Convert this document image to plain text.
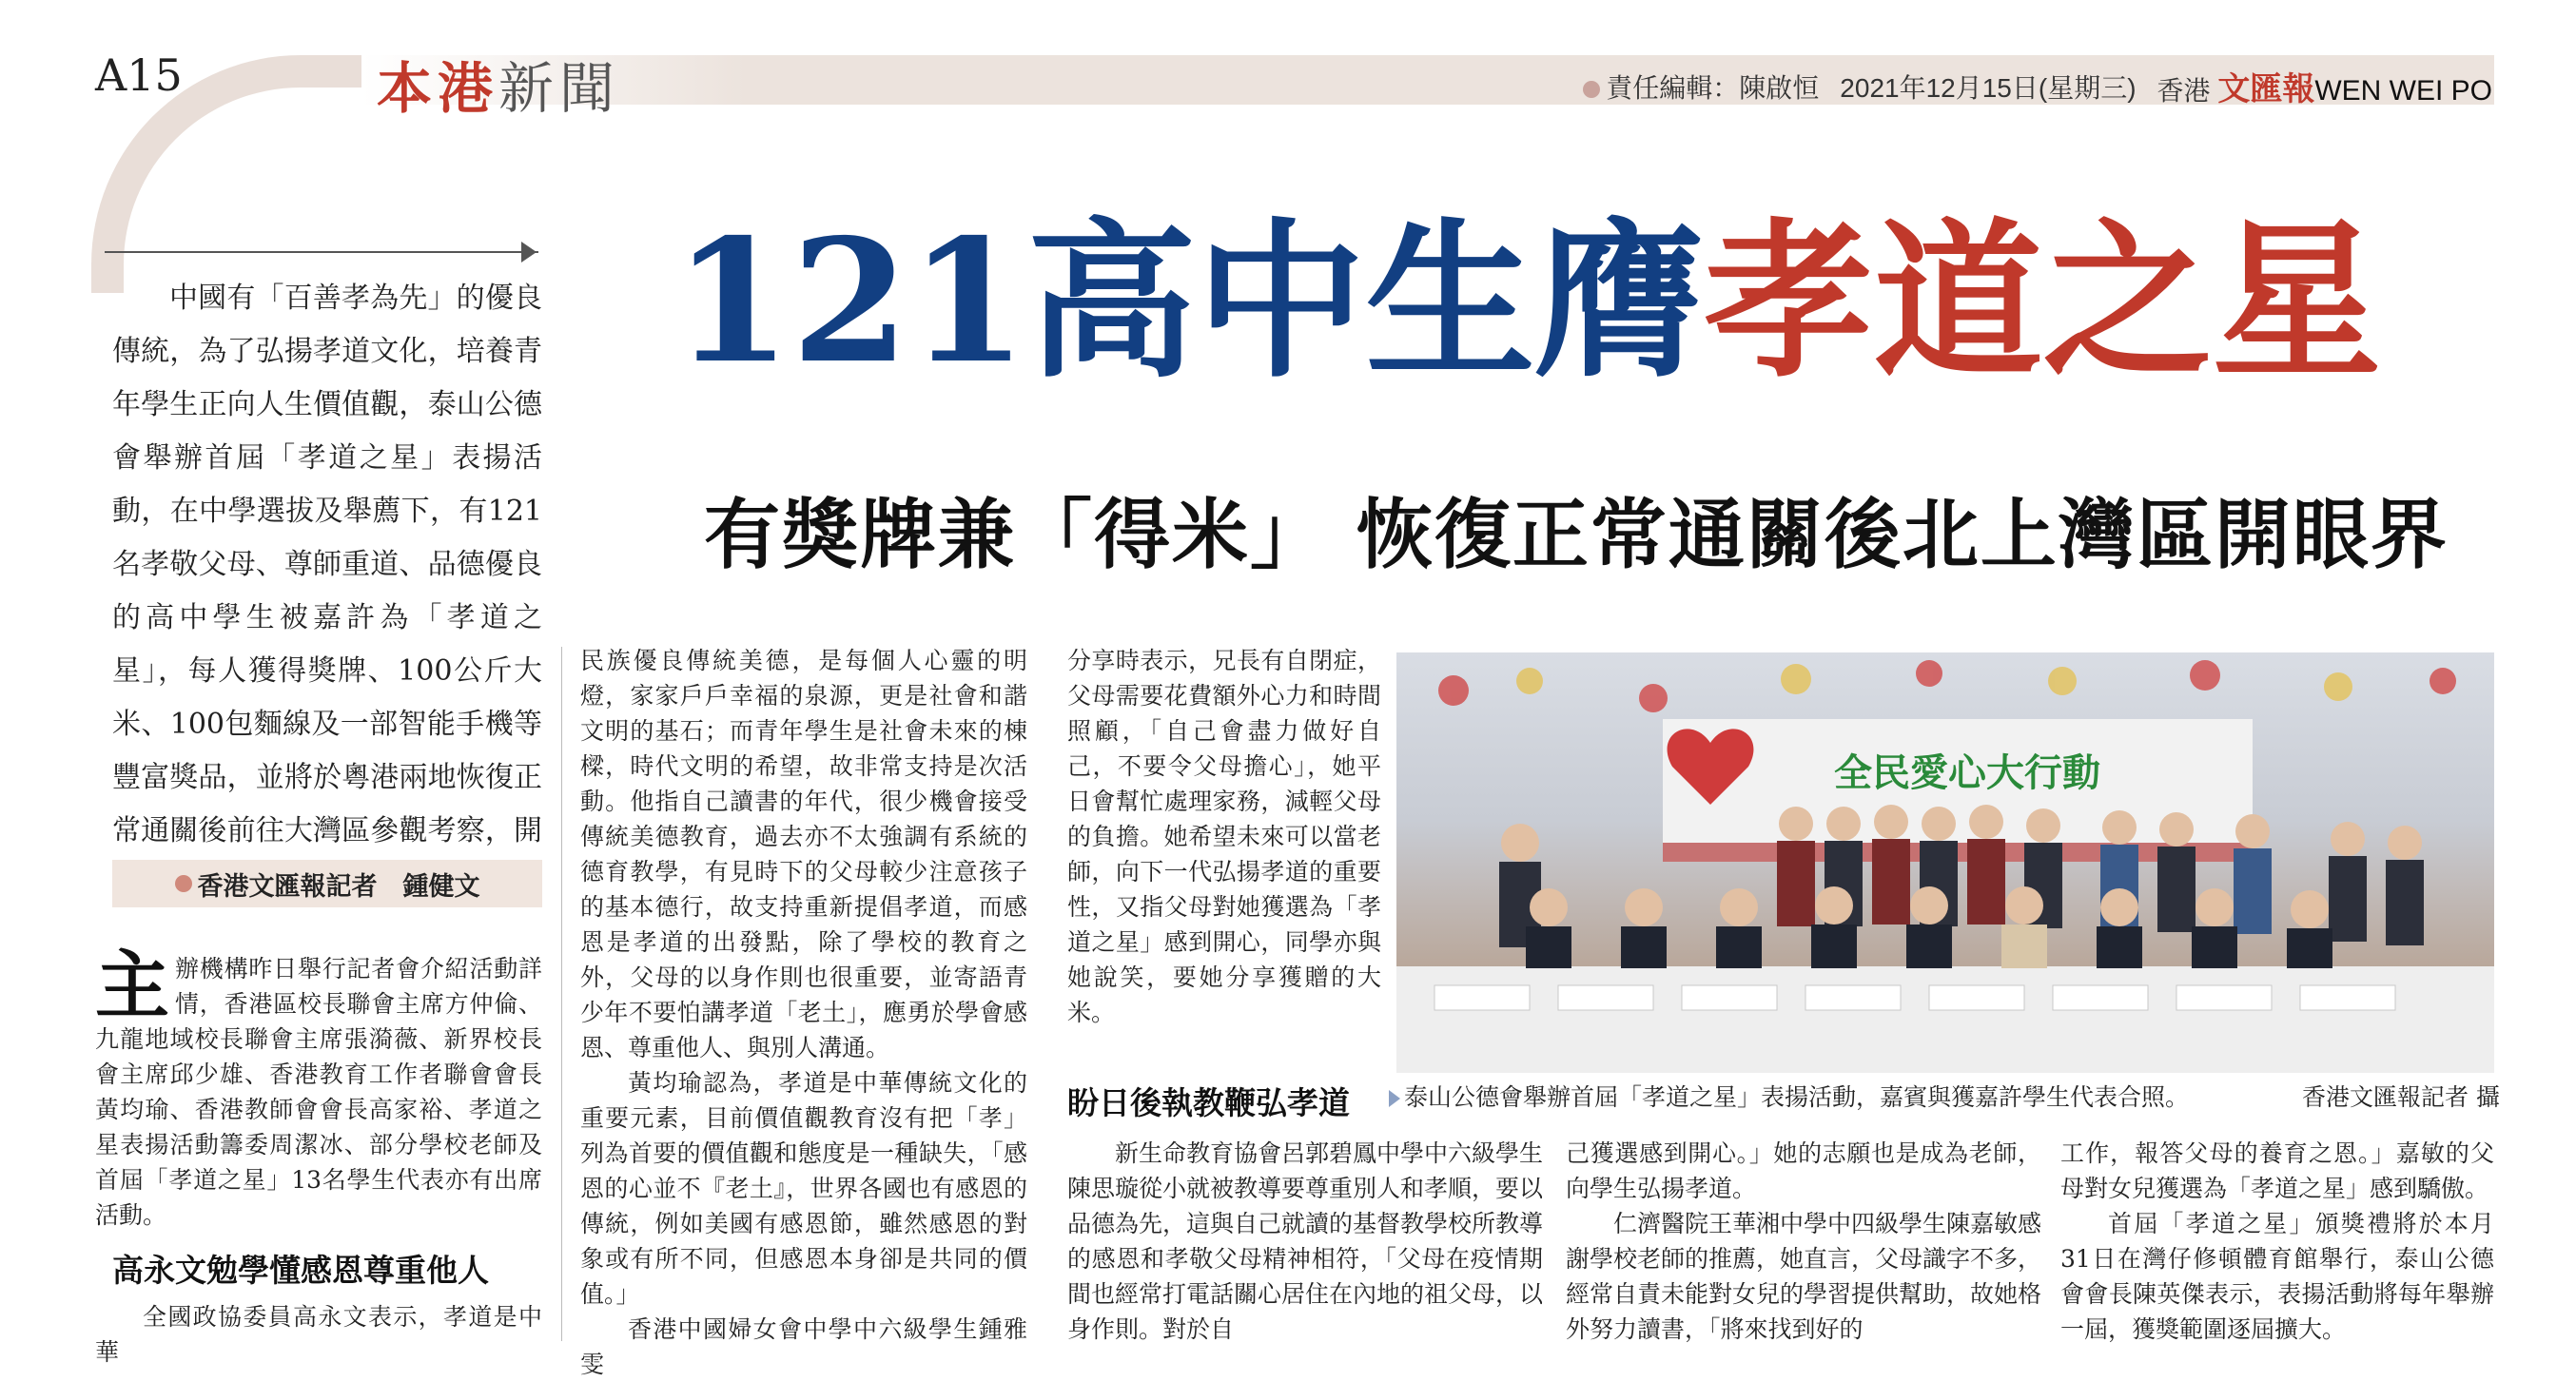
A15	本港新聞	責任編輯：陳啟恒 2021年12月15日(星期三) 香港 文匯報WEN WEI PO
121高中生膺孝道之星
有獎牌兼「得米」 恢復正常通關後北上灣區開眼界
中國有「百善孝為先」的優良傳統，為了弘揚孝道文化，培養青年學生正向人生價值觀，泰山公德會舉辦首屆「孝道之星」表揚活動，在中學選拔及舉薦下，有121名孝敬父母、尊師重道、品德優良的高中學生被嘉許為「孝道之星」，每人獲得獎牌、100公斤大米、100包麵線及一部智能手機等豐富獎品，並將於粵港兩地恢復正常通關後前往大灣區參觀考察，開
香港文匯報記者　鍾健文

主辦機構昨日舉行記者會介紹活動詳情，香港區校長聯會主席方仲倫、九龍地域校長聯會主席張漪薇、新界校長會主席邱少雄、香港教育工作者聯會會長黃均瑜、香港教師會會長高家裕、孝道之星表揚活動籌委周潔冰、部分學校老師及首屆「孝道之星」13名學生代表亦有出席活動。

高永文勉學懂感恩尊重他人

全國政協委員高永文表示，孝道是中華

民族優良傳統美德，是每個人心靈的明燈，家家戶戶幸福的泉源，更是社會和諧文明的基石；而青年學生是社會未來的棟樑，時代文明的希望，故非常支持是次活動。他指自己讀書的年代，很少機會接受傳統美德教育，過去亦不太強調有系統的德育教學，有見時下的父母較少注意孩子的基本德行，故支持重新提倡孝道，而感恩是孝道的出發點，除了學校的教育之外，父母的以身作則也很重要，並寄語青少年不要怕講孝道「老土」，應勇於學會感恩、尊重他人、與別人溝通。

黃均瑜認為，孝道是中華傳統文化的重要元素，目前價值觀教育沒有把「孝」列為首要的價值觀和態度是一種缺失，「感恩的心並不『老土』，世界各國也有感恩的傳統，例如美國有感恩節，雖然感恩的對象或有所不同，但感恩本身卻是共同的價值。」

香港中國婦女會中學中六級學生鍾雅雯

分享時表示，兄長有自閉症，父母需要花費額外心力和時間照顧，「自己會盡力做好自己，不要令父母擔心」，她平日會幫忙處理家務，減輕父母的負擔。她希望未來可以當老師，向下一代弘揚孝道的重要性，又指父母對她獲選為「孝道之星」感到開心，同學亦與她說笑，要她分享獲贈的大米。

盼日後執教鞭弘孝道

新生命教育協會呂郭碧鳳中學中六級學生陳思璇從小就被教導要尊重別人和孝順，要以品德為先，這與自己就讀的基督教學校所教導的感恩和孝敬父母精神相符，「父母在疫情期間也經常打電話關心居住在內地的祖父母，以身作則。對於自

己獲選感到開心。」她的志願也是成為老師，向學生弘揚孝道。

仁濟醫院王華湘中學中四級學生陳嘉敏感謝學校老師的推薦，她直言，父母識字不多，經常自責未能對女兒的學習提供幫助，故她格外努力讀書，「將來找到好的

工作，報答父母的養育之恩。」嘉敏的父母對女兒獲選為「孝道之星」感到驕傲。

首屆「孝道之星」頒獎禮將於本月31日在灣仔修頓體育館舉行，泰山公德會會長陳英傑表示，表揚活動將每年舉辦一屆，獲獎範圍逐屆擴大。

全民愛心大行動
泰山公德會舉辦首屆「孝道之星」表揚活動，嘉賓與獲嘉許學生代表合照。	香港文匯報記者 攝
